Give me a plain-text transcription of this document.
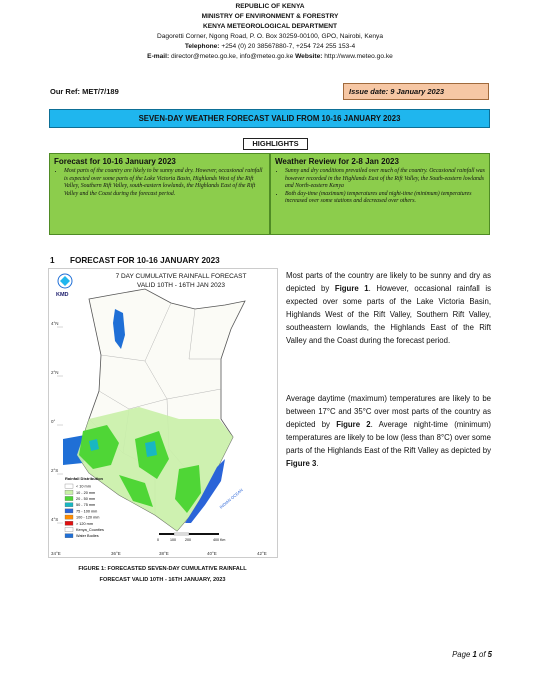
REPUBLIC OF KENYA
MINISTRY OF ENVIRONMENT & FORESTRY
KENYA METEOROLOGICAL DEPARTMENT
Dagoretti Corner, Ngong Road, P. O. Box 30259-00100, GPO, Nairobi, Kenya
Telephone: +254 (0) 20 38567880-7, +254 724 255 153-4
E-mail: director@meteo.go.ke, info@meteo.go.ke Website: http://www.meteo.go.ke
Our Ref: MET/7/189	Issue date: 9 January 2023
SEVEN-DAY WEATHER FORECAST VALID FROM 10-16 JANUARY 2023
HIGHLIGHTS
Forecast for 10-16 January 2023
• Most parts of the country are likely to be sunny and dry. However, occasional rainfall is expected over some parts of the Lake Victoria Basin, Highlands West of the Rift Valley, Southern Rift Valley, south-eastern lowlands, the Highlands East of the Rift Valley and the Coast during the forecast period.
Weather Review for 2-8 Jan 2023
• Sunny and dry conditions prevailed over much of the country. Occasional rainfall was however recorded in the Highlands East of the Rift Valley, the South-eastern lowlands and North-eastern Kenya
• Both day-time (maximum) temperatures and night-time (minimum) temperatures increased over some stations and decreased over others.
1 FORECAST FOR 10-16 JANUARY 2023
4°N
2°N
0°
2°S
4°S
34°E	36°E	38°E	40°E	42°E
INDIAN OCEAN
Rainfall Distribution
< 10 mm
10 - 20 mm
20 - 50 mm
50 - 75 mm
75 - 100 mm
100 - 120 mm
> 120 mm
Kenya_Counties
Water Bodies
0	100	200	400 Km
KMD
7 DAY CUMULATIVE RAINFALL FORECAST
VALID 10TH - 16TH JAN 2023
Most parts of the country are likely to be sunny and dry as depicted by Figure 1. However, occasional rainfall is expected over some parts of the Lake Victoria Basin, Highlands West of the Rift Valley, Southern Rift Valley, southeastern lowlands, the Highlands East of the Rift Valley and the Coast during the forecast period.
Average daytime (maximum) temperatures are likely to be between 17°C and 35°C over most parts of the country as depicted by Figure 2. Average night-time (minimum) temperatures are likely to be low (less than 8°C) over some parts of the Highlands East of the Rift Valley as depicted by Figure 3.
FIGURE 1: FORECASTED SEVEN-DAY CUMULATIVE RAINFALL
FORECAST VALID 10TH - 16TH JANUARY, 2023
Page 1 of 5
